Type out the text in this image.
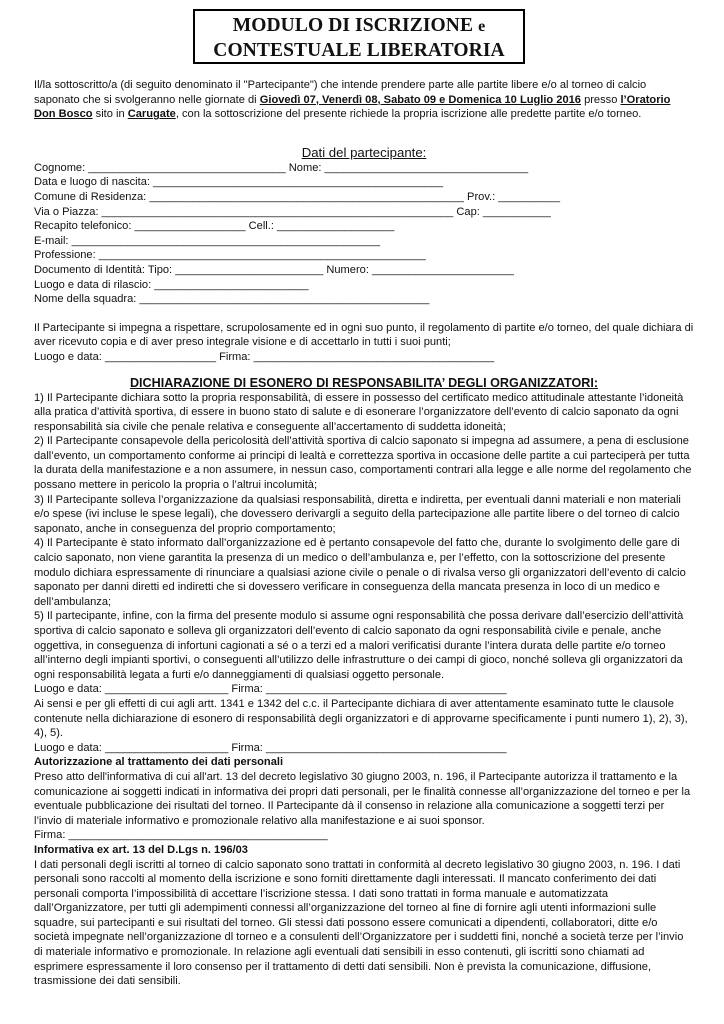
MODULO DI ISCRIZIONE e
CONTESTUALE LIBERATORIA

Il/la sottoscritto/a (di seguito denominato il "Partecipante") che intende prendere parte alle partite libere e/o al torneo di calcio saponato che si svolgeranno nelle giornate di Giovedì 07, Venerdì 08, Sabato 09 e Domenica 10 Luglio 2016 presso l’Oratorio Don Bosco sito in Carugate, con la sottoscrizione del presente richiede la propria iscrizione alle predette partite e/o torneo.

Dati del partecipante:
Cognome: ________________________________ Nome: _________________________________
Data e luogo di nascita: _______________________________________________
Comune di Residenza: ___________________________________________________ Prov.: __________
Via o Piazza: _________________________________________________________ Cap: ___________
Recapito telefonico: __________________ Cell.: ___________________
E-mail: __________________________________________________
Professione: _____________________________________________________
Documento di Identità: Tipo: ________________________ Numero: _______________________
Luogo e data di rilascio: _________________________
Nome della squadra: _______________________________________________

Il Partecipante si impegna a rispettare, scrupolosamente ed in ogni suo punto, il regolamento di partite e/o torneo, del quale dichiara di aver ricevuto copia e di aver preso integrale visione e di accettarlo in tutti i suoi punti;

Luogo e data: __________________ Firma: _______________________________________
DICHIARAZIONE DI ESONERO DI RESPONSABILITA’ DEGLI ORGANIZZATORI:

1) Il Partecipante dichiara sotto la propria responsabilità, di essere in possesso del certificato medico attitudinale attestante l’idoneità alla pratica d’attività sportiva, di essere in buono stato di salute e di esonerare l’organizzatore dell’evento di calcio saponato da ogni responsabilità sia civile che penale relativa e conseguente all’accertamento di suddetta idoneità;

2) Il Partecipante consapevole della pericolosità dell’attività sportiva di calcio saponato si impegna ad assumere, a pena di esclusione dall’evento, un comportamento conforme ai principi di lealtà e correttezza sportiva in occasione delle partite a cui parteciperà per tutta la durata della manifestazione e a non assumere, in nessun caso, comportamenti contrari alla legge e alle norme del regolamento che possano mettere in pericolo la propria o l’altrui incolumità;

3) Il Partecipante solleva l’organizzazione da qualsiasi responsabilità, diretta e indiretta, per eventuali danni materiali e non materiali e/o spese (ivi incluse le spese legali), che dovessero derivargli a seguito della partecipazione alle partite libere o del torneo di calcio saponato, anche in conseguenza del proprio comportamento;

4) Il Partecipante è stato informato dall’organizzazione ed è pertanto consapevole del fatto che, durante lo svolgimento delle gare di calcio saponato, non viene garantita la presenza di un medico o dell’ambulanza e, per l’effetto, con la sottoscrizione del presente modulo dichiara espressamente di rinunciare a qualsiasi azione civile o penale o di rivalsa verso gli organizzatori dell’evento di calcio saponato per danni diretti ed indiretti che si dovessero verificare in conseguenza della mancata presenza in loco di un medico e dell’ambulanza;

5) Il partecipante, infine, con la firma del presente modulo si assume ogni responsabilità che possa derivare dall’esercizio dell’attività sportiva di calcio saponato e solleva gli organizzatori dell’evento di calcio saponato da ogni responsabilità civile e penale, anche oggettiva, in conseguenza di infortuni cagionati a sé o a terzi ed a malori verificatisi durante l’intera durata delle partite e/o torneo all’interno degli impianti sportivi, o conseguenti all’utilizzo delle infrastrutture o dei campi di gioco, nonché solleva gli organizzatori da ogni responsabilità legata a furti e/o danneggiamenti di qualsiasi oggetto personale.

Luogo e data: ____________________ Firma: _______________________________________

Ai sensi e per gli effetti di cui agli artt. 1341 e 1342 del c.c. il Partecipante dichiara di aver attentamente esaminato tutte le clausole contenute nella dichiarazione di esonero di responsabilità degli organizzatori e di approvarne specificamente i punti numero 1), 2), 3), 4), 5).

Luogo e data: ____________________ Firma: _______________________________________
Autorizzazione al trattamento dei dati personali

Preso atto dell'informativa di cui all'art. 13 del decreto legislativo 30 giugno 2003, n. 196, il Partecipante autorizza il trattamento e la comunicazione ai soggetti indicati in informativa dei propri dati personali, per le finalità connesse all’organizzazione del torneo e per la eventuale pubblicazione dei risultati del torneo. Il Partecipante dà il consenso in relazione alla comunicazione a soggetti terzi per l’invio di materiale informativo e promozionale relativo alla manifestazione e ai suoi sponsor.

Firma: __________________________________________
Informativa ex art. 13 del D.Lgs n. 196/03

I dati personali degli iscritti al torneo di calcio saponato sono trattati in conformità al decreto legislativo 30 giugno 2003, n. 196. I dati personali sono raccolti al momento della iscrizione e sono forniti direttamente dagli interessati. Il mancato conferimento dei dati personali comporta l’impossibilità di accettare l’iscrizione stessa. I dati sono trattati in forma manuale e automatizzata dall’Organizzatore, per tutti gli adempimenti connessi all’organizzazione del torneo al fine di fornire agli utenti informazioni sulle squadre, sui partecipanti e sui risultati del torneo. Gli stessi dati possono essere comunicati a dipendenti, collaboratori, ditte e/o società impegnate nell’organizzazione dl torneo e a consulenti dell’Organizzatore per i suddetti fini, nonché a società terze per l’invio di materiale informativo e promozionale. In relazione agli eventuali dati sensibili in esso contenuti, gli iscritti sono chiamati ad esprimere espressamente il loro consenso per il trattamento di detti dati sensibili. Non è prevista la comunicazione, diffusione, trasmissione dei dati sensibili.
